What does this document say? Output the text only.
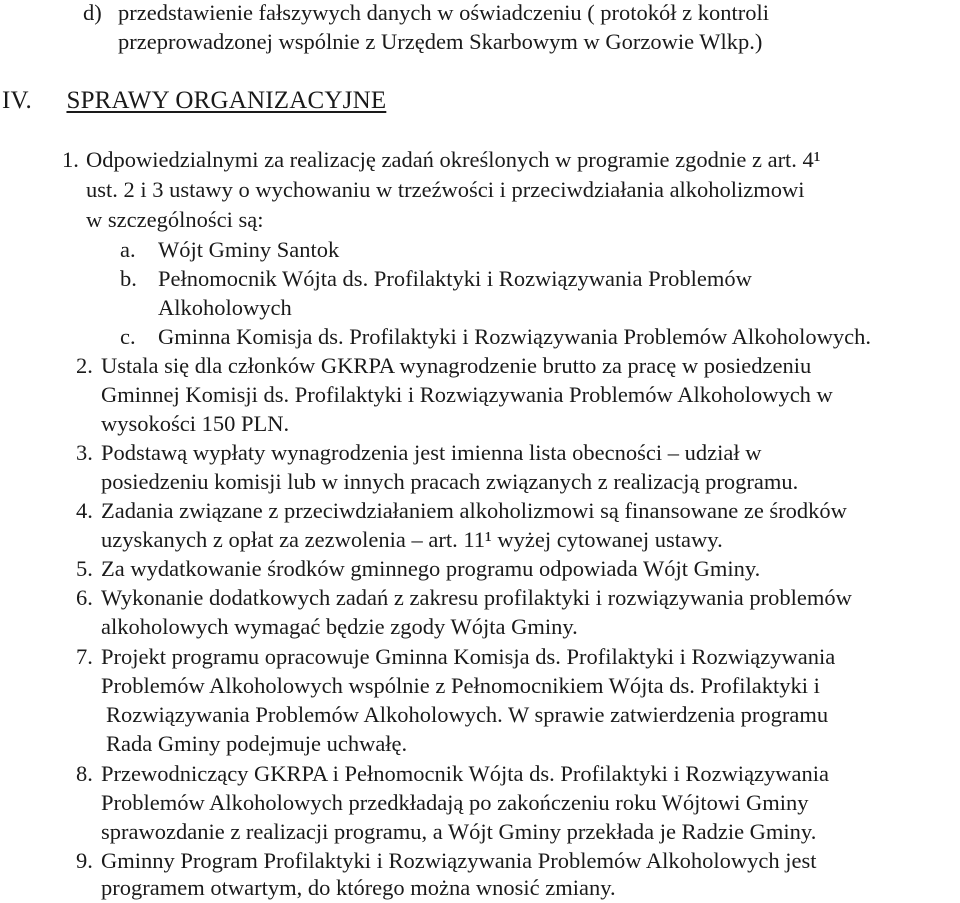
d) przedstawienie fałszywych danych w oświadczeniu ( protokół z kontroli
przeprowadzonej wspólnie z Urzędem Skarbowym w Gorzowie Wlkp.)
IV. SPRAWY ORGANIZACYJNE
1. Odpowiedzialnymi za realizację zadań określonych w programie zgodnie z art. 4¹
ust. 2 i 3 ustawy o wychowaniu w trzeźwości i przeciwdziałania alkoholizmowi
w szczególności są:
a. Wójt Gminy Santok
b. Pełnomocnik Wójta ds. Profilaktyki i Rozwiązywania Problemów
Alkoholowych
c. Gminna Komisja ds. Profilaktyki i Rozwiązywania Problemów Alkoholowych.
2. Ustala się dla członków GKRPA wynagrodzenie brutto za pracę w posiedzeniu
Gminnej Komisji ds. Profilaktyki i Rozwiązywania Problemów Alkoholowych w
wysokości 150 PLN.
3. Podstawą wypłaty wynagrodzenia jest imienna lista obecności – udział w
posiedzeniu komisji lub w innych pracach związanych z realizacją programu.
4. Zadania związane z przeciwdziałaniem alkoholizmowi są finansowane ze środków
uzyskanych z opłat za zezwolenia – art. 11¹ wyżej cytowanej ustawy.
5. Za wydatkowanie środków gminnego programu odpowiada Wójt Gminy.
6. Wykonanie dodatkowych zadań z zakresu profilaktyki i rozwiązywania problemów
alkoholowych wymagać będzie zgody Wójta Gminy.
7. Projekt programu opracowuje Gminna Komisja ds. Profilaktyki i Rozwiązywania
Problemów Alkoholowych wspólnie z Pełnomocnikiem Wójta ds. Profilaktyki i
Rozwiązywania Problemów Alkoholowych. W sprawie zatwierdzenia programu
Rada Gminy podejmuje uchwałę.
8. Przewodniczący GKRPA i Pełnomocnik Wójta ds. Profilaktyki i Rozwiązywania
Problemów Alkoholowych przedkładają po zakończeniu roku Wójtowi Gminy
sprawozdanie z realizacji programu, a Wójt Gminy przekłada je Radzie Gminy.
9. Gminny Program Profilaktyki i Rozwiązywania Problemów Alkoholowych jest
programem otwartym, do którego można wnosić zmiany.
